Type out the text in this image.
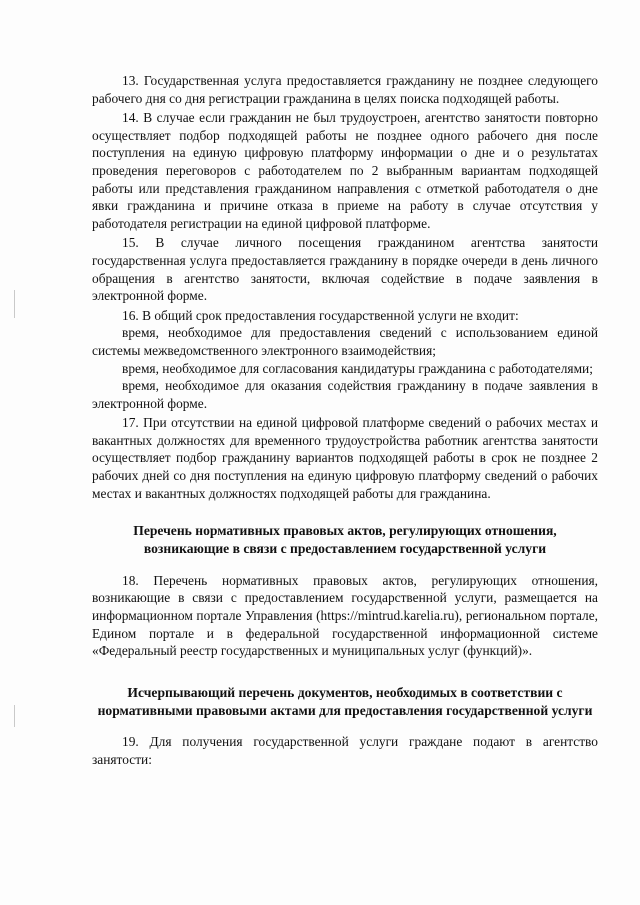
13. Государственная услуга предоставляется гражданину не позднее следующего рабочего дня со дня регистрации гражданина в целях поиска подходящей работы.

14. В случае если гражданин не был трудоустроен, агентство занятости повторно осуществляет подбор подходящей работы не позднее одного рабочего дня после поступления на единую цифровую платформу информации о дне и о результатах проведения переговоров с работодателем по 2 выбранным вариантам подходящей работы или представления гражданином направления с отметкой работодателя о дне явки гражданина и причине отказа в приеме на работу в случае отсутствия у работодателя регистрации на единой цифровой платформе.

15. В случае личного посещения гражданином агентства занятости государственная услуга предоставляется гражданину в порядке очереди в день личного обращения в агентство занятости, включая содействие в подаче заявления в электронной форме.

16. В общий срок предоставления государственной услуги не входит:

время, необходимое для предоставления сведений с использованием единой системы межведомственного электронного взаимодействия;

время, необходимое для согласования кандидатуры гражданина с работодателями;

время, необходимое для оказания содействия гражданину в подаче заявления в электронной форме.

17. При отсутствии на единой цифровой платформе сведений о рабочих местах и вакантных должностях для временного трудоустройства работник агентства занятости осуществляет подбор гражданину вариантов подходящей работы в срок не позднее 2 рабочих дней со дня поступления на единую цифровую платформу сведений о рабочих местах и вакантных должностях подходящей работы для гражданина.

Перечень нормативных правовых актов, регулирующих отношения, возникающие в связи с предоставлением государственной услуги

18. Перечень нормативных правовых актов, регулирующих отношения, возникающие в связи с предоставлением государственной услуги, размещается на информационном портале Управления (https://mintrud.karelia.ru), региональном портале, Едином портале и в федеральной государственной информационной системе «Федеральный реестр государственных и муниципальных услуг (функций)».

Исчерпывающий перечень документов, необходимых в соответствии с нормативными правовыми актами для предоставления государственной услуги

19. Для получения государственной услуги граждане подают в агентство занятости:
